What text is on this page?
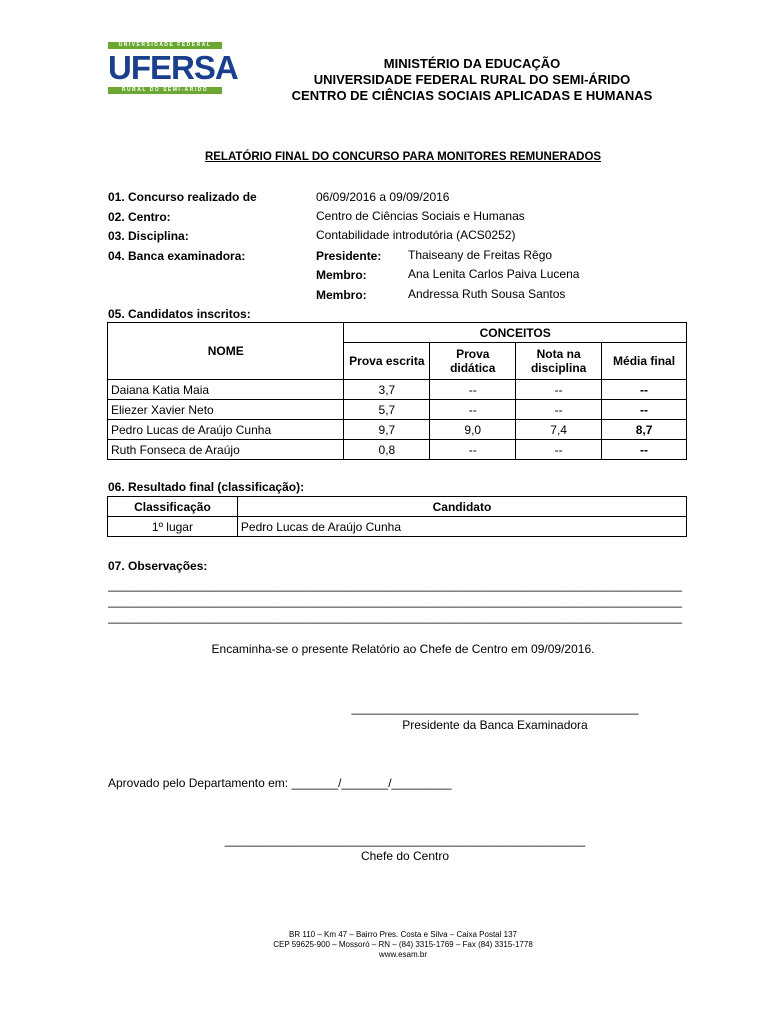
UNIVERSIDADE FEDERAL
UFERSA
RURAL DO SEMI-ÁRIDO
MINISTÉRIO DA EDUCAÇÃO
UNIVERSIDADE FEDERAL RURAL DO SEMI-ÁRIDO
CENTRO DE CIÊNCIAS SOCIAIS APLICADAS E HUMANAS
RELATÓRIO FINAL DO CONCURSO PARA MONITORES REMUNERADOS
01. Concurso realizado de	06/09/2016 a 09/09/2016
02. Centro:	Centro de Ciências Sociais e Humanas
03. Disciplina:	Contabilidade introdutória (ACS0252)
04. Banca examinadora:	Presidente: Thaiseany de Freitas Rêgo
Membro:	Ana Lenita Carlos Paiva Lucena
Membro:	Andressa Ruth Sousa Santos
05. Candidatos inscritos:
NOME	CONCEITOS			
	Prova escrita	Prova didática	Nota na disciplina	Média final
Daiana Katia Maia	3,7	--	--	--
Eliezer Xavier Neto	5,7	--	--	--
Pedro Lucas de Araújo Cunha	9,7	9,0	7,4	8,7
Ruth Fonseca de Araújo	0,8	--	--	--
06. Resultado final (classificação):
Classificação	Candidato
1º lugar	Pedro Lucas de Araújo Cunha
07. Observações:
______________________________________________________________________________________
______________________________________________________________________________________
______________________________________________________________________________________
Encaminha-se o presente Relatório ao Chefe de Centro em 09/09/2016.
___________________________________________
Presidente da Banca Examinadora
Aprovado pelo Departamento em: _______/_______/_________
______________________________________________________
Chefe do Centro
BR 110 – Km 47 – Bairro Pres. Costa e Silva – Caixa Postal 137
CEP 59625-900 – Mossoró – RN – (84) 3315-1769 – Fax (84) 3315-1778
www.esam.br
